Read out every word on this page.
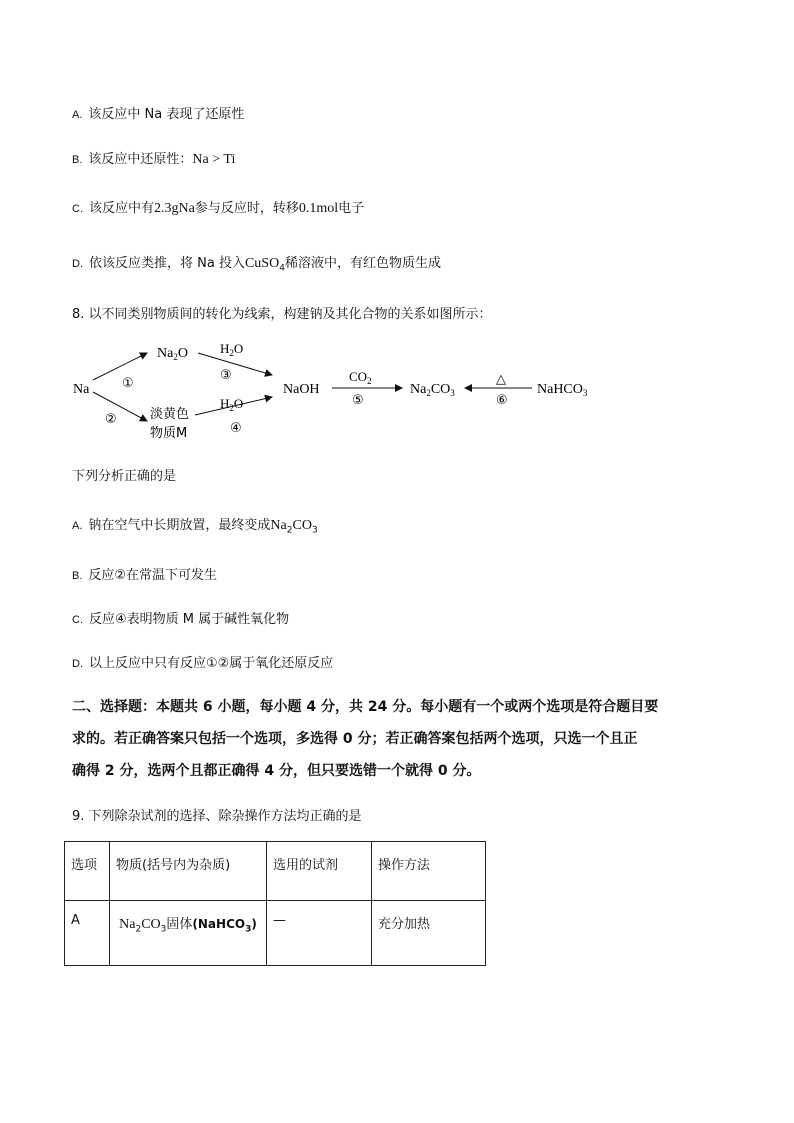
A. 该反应中 Na 表现了还原性
B. 该反应中还原性：Na > Ti
C. 该反应中有2.3gNa参与反应时，转移0.1mol电子
D. 依该反应类推，将 Na 投入CuSO$_4$稀溶液中，有红色物质生成
8. 以不同类别物质间的转化为线索，构建钠及其化合物的关系如图所示：
Na	①
②
$Na_2O$
淡黄色
物质M
$H_2O$
③
$H_2O$
④
NaOH
$CO_2$
⑤
$Na_2CO_3$
△
⑥
NaHCO$_3$
下列分析正确的是
A. 钠在空气中长期放置，最终变成$Na_2CO_3$
B. 反应②在常温下可发生
C. 反应④表明物质 M 属于碱性氧化物
D. 以上反应中只有反应①②属于氧化还原反应
二、选择题：本题共 6 小题，每小题 4 分，共 24 分。每小题有一个或两个选项是符合题目要
求的。若正确答案只包括一个选项，多选得 0 分；若正确答案包括两个选项，只选一个且正
确得 2 分，选两个且都正确得 4 分，但只要选错一个就得 0 分。
9. 下列除杂试剂的选择、除杂操作方法均正确的是
选项	物质(括号内为杂质)	选用的试剂	操作方法
A	$Na_2CO_3$固体(NaHCO$_3$)	—	充分加热
